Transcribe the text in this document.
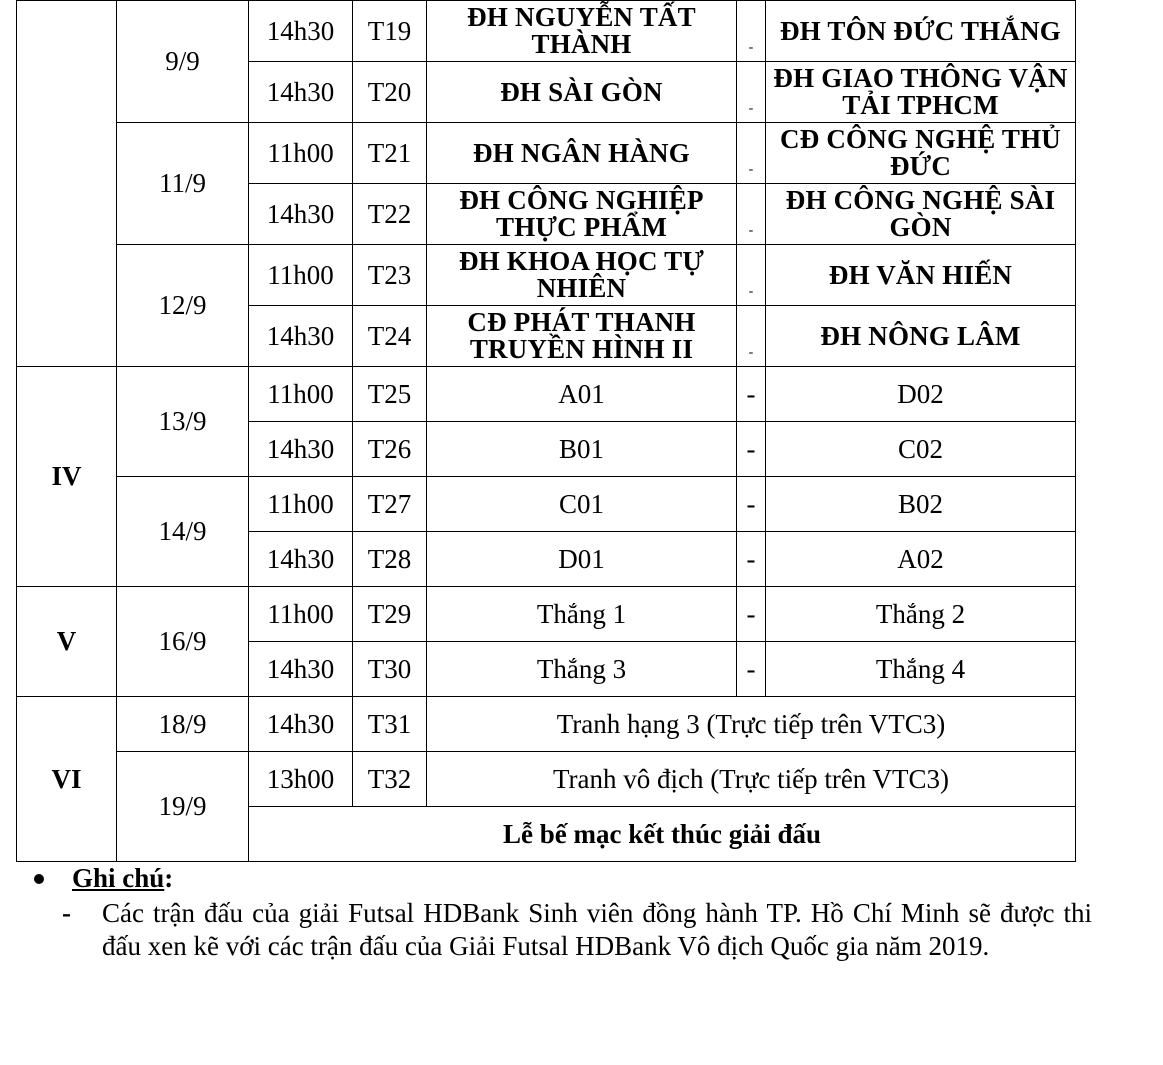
	9/9	14h30	T19	ĐH NGUYỄN TẤT THÀNH	-	ĐH TÔN ĐỨC THẮNG
		14h30	T20	ĐH SÀI GÒN	-	ĐH GIAO THÔNG VẬN TẢI TPHCM
	11/9	11h00	T21	ĐH NGÂN HÀNG	-	CĐ CÔNG NGHỆ THỦ ĐỨC
		14h30	T22	ĐH CÔNG NGHIỆP THỰC PHẨM	-	ĐH CÔNG NGHỆ SÀI GÒN
	12/9	11h00	T23	ĐH KHOA HỌC TỰ NHIÊN	-	ĐH VĂN HIẾN
		14h30	T24	CĐ PHÁT THANH TRUYỀN HÌNH II	-	ĐH NÔNG LÂM
IV	13/9	11h00	T25	A01	-	D02
		14h30	T26	B01	-	C02
	14/9	11h00	T27	C01	-	B02
		14h30	T28	D01	-	A02
V	16/9	11h00	T29	Thắng 1	-	Thắng 2
		14h30	T30	Thắng 3	-	Thắng 4
VI	18/9	14h30	T31	Tranh hạng 3 (Trực tiếp trên VTC3)		
	19/9	13h00	T32	Tranh vô địch (Trực tiếp trên VTC3)		
		Lễ bế mạc kết thúc giải đấu				
Ghi chú:
-	Các trận đấu của giải Futsal HDBank Sinh viên đồng hành TP. Hồ Chí Minh sẽ được thi đấu xen kẽ với các trận đấu của Giải Futsal HDBank Vô địch Quốc gia năm 2019.
